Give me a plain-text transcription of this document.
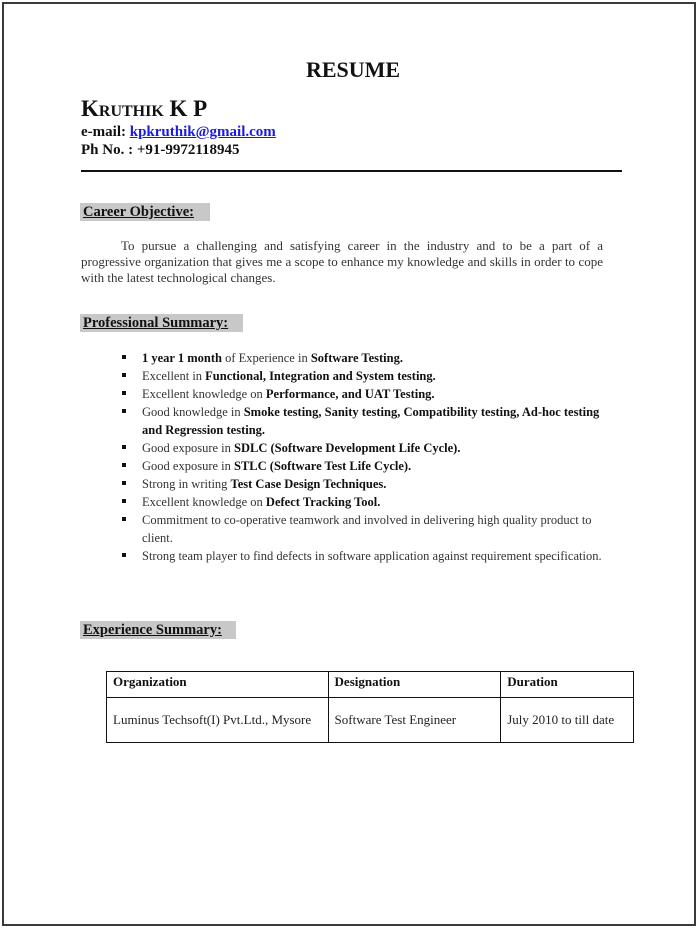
RESUME
Kruthik K P
e-mail: kpkruthik@gmail.com
Ph No. : +91-9972118945
Career Objective:
To pursue a challenging and satisfying career in the industry and to be a part of a progressive organization that gives me a scope to enhance my knowledge and skills in order to cope with the latest technological changes.
Professional Summary:
1 year 1 month of Experience in Software Testing.
Excellent in Functional, Integration and System testing.
Excellent knowledge on Performance, and UAT Testing.
Good knowledge in Smoke testing, Sanity testing, Compatibility testing, Ad-hoc testing and Regression testing.
Good exposure in SDLC (Software Development Life Cycle).
Good exposure in STLC (Software Test Life Cycle).
Strong in writing Test Case Design Techniques.
Excellent knowledge on Defect Tracking Tool.
Commitment to co-operative teamwork and involved in delivering high quality product to client.
Strong team player to find defects in software application against requirement specification.
Experience Summary:
Organization	Designation	Duration
Luminus Techsoft(I) Pvt.Ltd., Mysore	Software Test Engineer	July 2010 to till date
